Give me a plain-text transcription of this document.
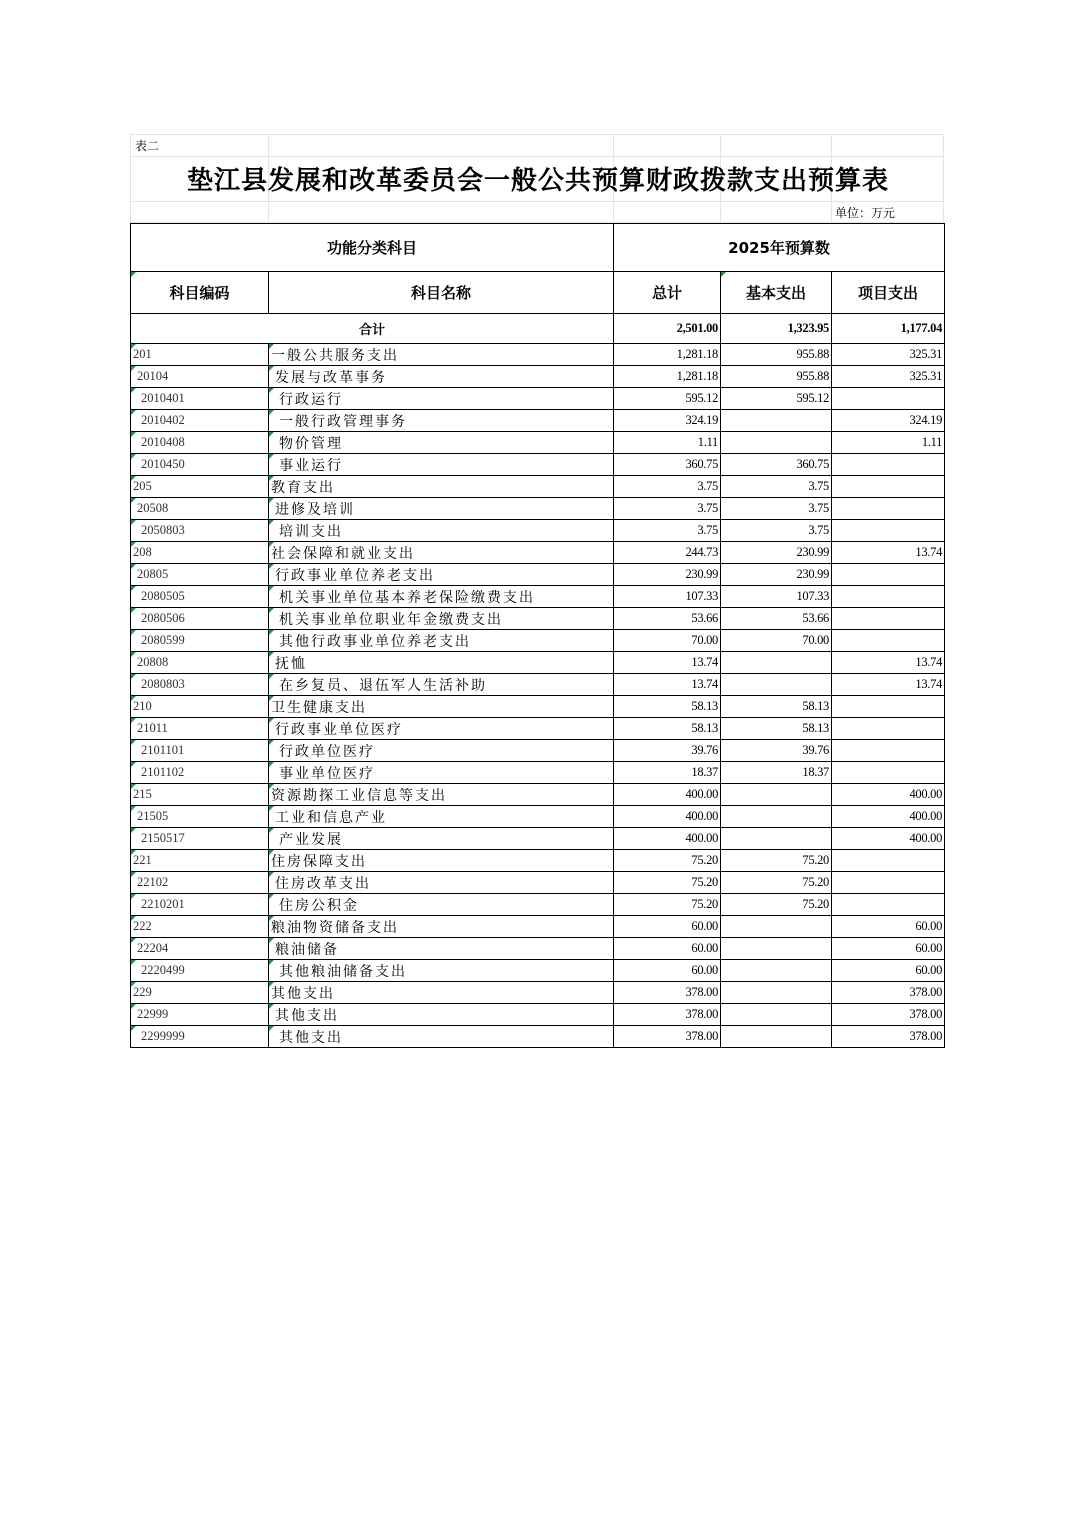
表二
垫江县发展和改革委员会一般公共预算财政拨款支出预算表
单位：万元
功能分类科目		2025年预算数		
科目编码	科目名称	总计	基本支出	项目支出
合计		2,501.00	1,323.95	1,177.04
201	一般公共服务支出	1,281.18	955.88	325.31
20104	发展与改革事务	1,281.18	955.88	325.31
2010401	行政运行	595.12	595.12	
2010402	一般行政管理事务	324.19		324.19
2010408	物价管理	1.11		1.11
2010450	事业运行	360.75	360.75	
205	教育支出	3.75	3.75	
20508	进修及培训	3.75	3.75	
2050803	培训支出	3.75	3.75	
208	社会保障和就业支出	244.73	230.99	13.74
20805	行政事业单位养老支出	230.99	230.99	
2080505	机关事业单位基本养老保险缴费支出	107.33	107.33	
2080506	机关事业单位职业年金缴费支出	53.66	53.66	
2080599	其他行政事业单位养老支出	70.00	70.00	
20808	抚恤	13.74		13.74
2080803	在乡复员、退伍军人生活补助	13.74		13.74
210	卫生健康支出	58.13	58.13	
21011	行政事业单位医疗	58.13	58.13	
2101101	行政单位医疗	39.76	39.76	
2101102	事业单位医疗	18.37	18.37	
215	资源勘探工业信息等支出	400.00		400.00
21505	工业和信息产业	400.00		400.00
2150517	产业发展	400.00		400.00
221	住房保障支出	75.20	75.20	
22102	住房改革支出	75.20	75.20	
2210201	住房公积金	75.20	75.20	
222	粮油物资储备支出	60.00		60.00
22204	粮油储备	60.00		60.00
2220499	其他粮油储备支出	60.00		60.00
229	其他支出	378.00		378.00
22999	其他支出	378.00		378.00
2299999	其他支出	378.00		378.00
